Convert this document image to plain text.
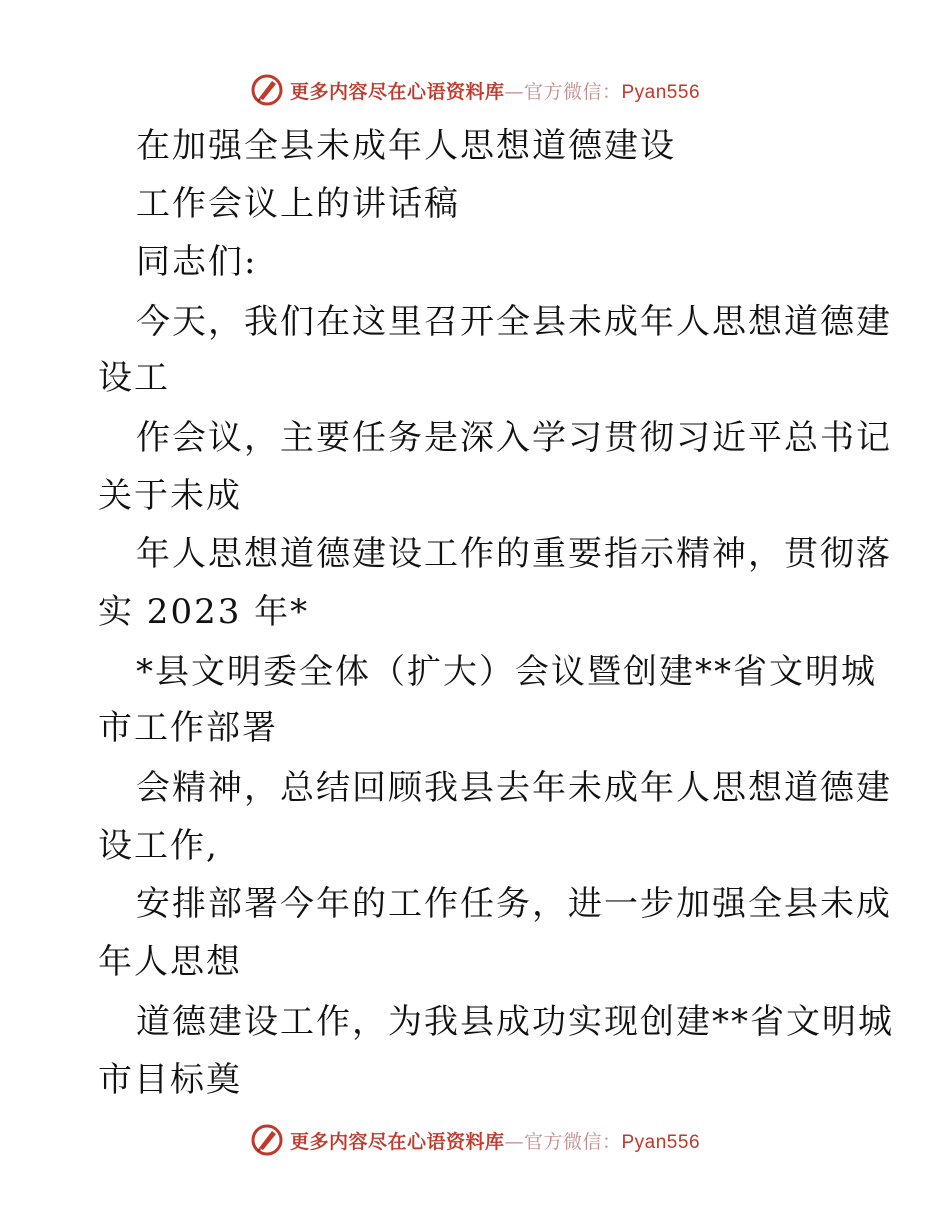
更多内容尽在心语资料库—官方微信：Pyan556
在加强全县未成年人思想道德建设
工作会议上的讲话稿
同志们:
今天，我们在这里召开全县未成年人思想道德建
设工
作会议，主要任务是深入学习贯彻习近平总书记
关于未成
年人思想道德建设工作的重要指示精神，贯彻落
实 2023 年*
*县文明委全体（扩大）会议暨创建**省文明城
市工作部署
会精神，总结回顾我县去年未成年人思想道德建
设工作,
安排部署今年的工作任务，进一步加强全县未成
年人思想
道德建设工作，为我县成功实现创建**省文明城
市目标奠
更多内容尽在心语资料库—官方微信：Pyan556
